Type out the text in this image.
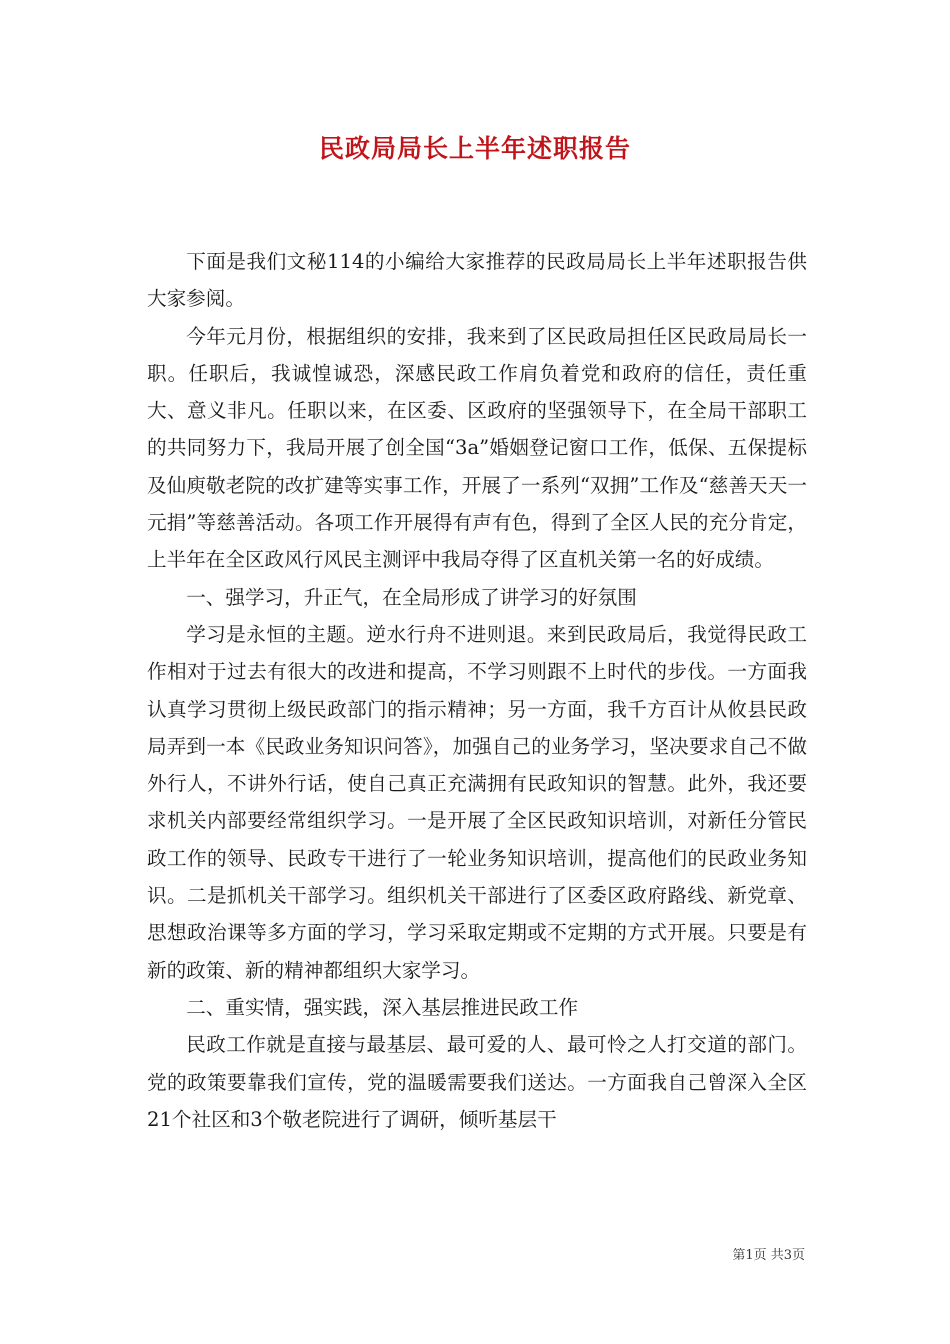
民政局局长上半年述职报告

下面是我们文秘114的小编给大家推荐的民政局局长上半年述职报告供大家参阅。

今年元月份，根据组织的安排，我来到了区民政局担任区民政局局长一职。任职后，我诚惶诚恐，深感民政工作肩负着党和政府的信任，责任重大、意义非凡。任职以来，在区委、区政府的坚强领导下，在全局干部职工的共同努力下，我局开展了创全国“3a”婚姻登记窗口工作，低保、五保提标及仙庾敬老院的改扩建等实事工作，开展了一系列“双拥”工作及“慈善天天一元捐”等慈善活动。各项工作开展得有声有色，得到了全区人民的充分肯定，上半年在全区政风行风民主测评中我局夺得了区直机关第一名的好成绩。

一、强学习，升正气，在全局形成了讲学习的好氛围

学习是永恒的主题。逆水行舟不进则退。来到民政局后，我觉得民政工作相对于过去有很大的改进和提高，不学习则跟不上时代的步伐。一方面我认真学习贯彻上级民政部门的指示精神；另一方面，我千方百计从攸县民政局弄到一本《民政业务知识问答》，加强自己的业务学习，坚决要求自己不做外行人，不讲外行话，使自己真正充满拥有民政知识的智慧。此外，我还要求机关内部要经常组织学习。一是开展了全区民政知识培训，对新任分管民政工作的领导、民政专干进行了一轮业务知识培训，提高他们的民政业务知识。二是抓机关干部学习。组织机关干部进行了区委区政府路线、新党章、思想政治课等多方面的学习，学习采取定期或不定期的方式开展。只要是有新的政策、新的精神都组织大家学习。

二、重实情，强实践，深入基层推进民政工作

民政工作就是直接与最基层、最可爱的人、最可怜之人打交道的部门。党的政策要靠我们宣传，党的温暖需要我们送达。一方面我自己曾深入全区21个社区和3个敬老院进行了调研，倾听基层干

第1页 共3页
